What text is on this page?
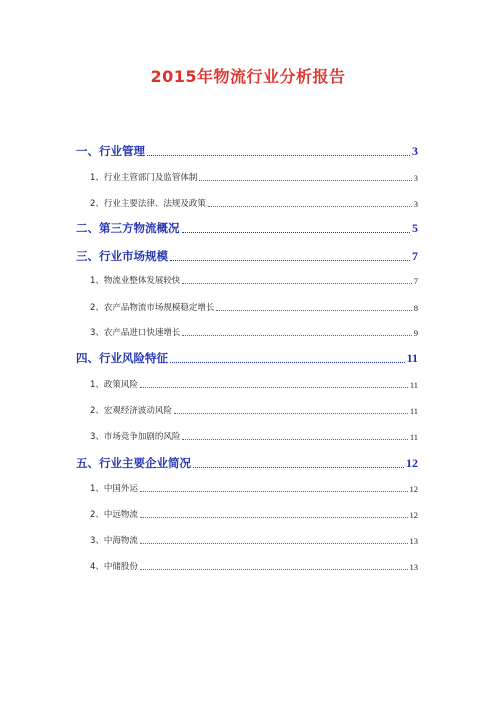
2015年物流行业分析报告
一、行业管理	3
1、行业主管部门及监管体制	3
2、行业主要法律、法规及政策	3
二、第三方物流概况	5
三、行业市场规模	7
1、物流业整体发展较快	7
2、农产品物流市场规模稳定增长	8
3、农产品进口快速增长	9
四、行业风险特征	11
1、政策风险	11
2、宏观经济波动风险	11
3、市场竞争加剧的风险	11
五、行业主要企业简况	12
1、中国外运	12
2、中远物流	12
3、中海物流	13
4、中储股份	13
